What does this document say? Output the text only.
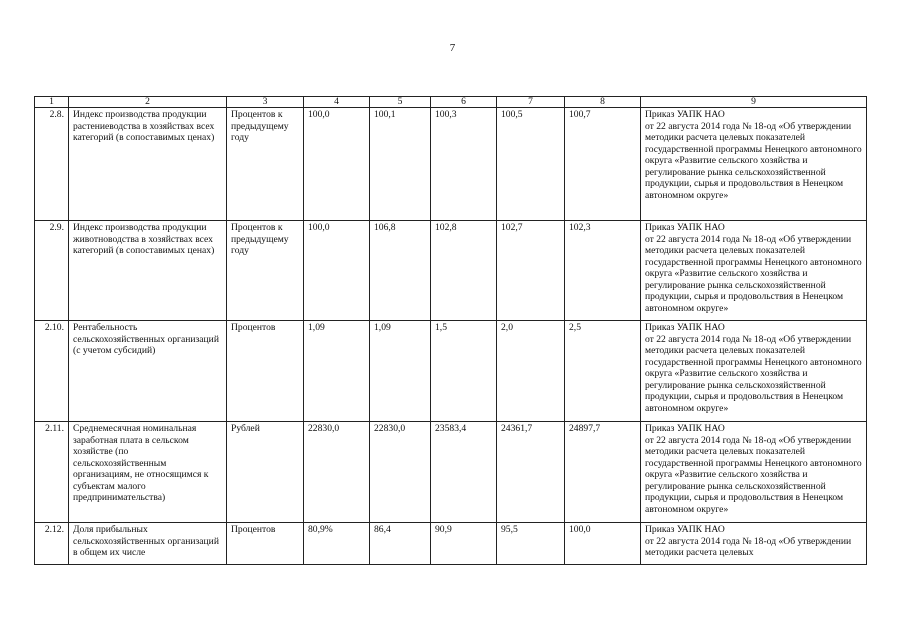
7
1	2	3	4	5	6	7	8	9
2.8.	Индекс производства продукции растениеводства в хозяйствах всех категорий (в сопоставимых ценах)	Процентов к предыдущему году	100,0	100,1	100,3	100,5	100,7	Приказ УАПК НАО
от 22 августа 2014 года № 18-од «Об утверждении методики расчета целевых показателей государственной программы Ненецкого автономного округа «Развитие сельского хозяйства и регулирование рынка сельскохозяйственной продукции, сырья и продовольствия в Ненецком автономном округе»
2.9.	Индекс производства продукции животноводства в хозяйствах всех категорий (в сопоставимых ценах)	Процентов к предыдущему году	100,0	106,8	102,8	102,7	102,3	Приказ УАПК НАО
от 22 августа 2014 года № 18-од «Об утверждении методики расчета целевых показателей государственной программы Ненецкого автономного округа «Развитие сельского хозяйства и регулирование рынка сельскохозяйственной продукции, сырья и продовольствия в Ненецком автономном округе»
2.10.	Рентабельность сельскохозяйственных организаций (с учетом субсидий)	Процентов	1,09	1,09	1,5	2,0	2,5	Приказ УАПК НАО
от 22 августа 2014 года № 18-од «Об утверждении методики расчета целевых показателей государственной программы Ненецкого автономного округа «Развитие сельского хозяйства и регулирование рынка сельскохозяйственной продукции, сырья и продовольствия в Ненецком автономном округе»
2.11.	Среднемесячная номинальная заработная плата в сельском хозяйстве (по сельскохозяйственным организациям, не относящимся к субъектам малого предпринимательства)	Рублей	22830,0	22830,0	23583,4	24361,7	24897,7	Приказ УАПК НАО
от 22 августа 2014 года № 18-од «Об утверждении методики расчета целевых показателей государственной программы Ненецкого автономного округа «Развитие сельского хозяйства и регулирование рынка сельскохозяйственной продукции, сырья и продовольствия в Ненецком автономном округе»
2.12.	Доля прибыльных сельскохозяйственных организаций в общем их числе	Процентов	80,9%	86,4	90,9	95,5	100,0	Приказ УАПК НАО
от 22 августа 2014 года № 18-од «Об утверждении методики расчета целевых
